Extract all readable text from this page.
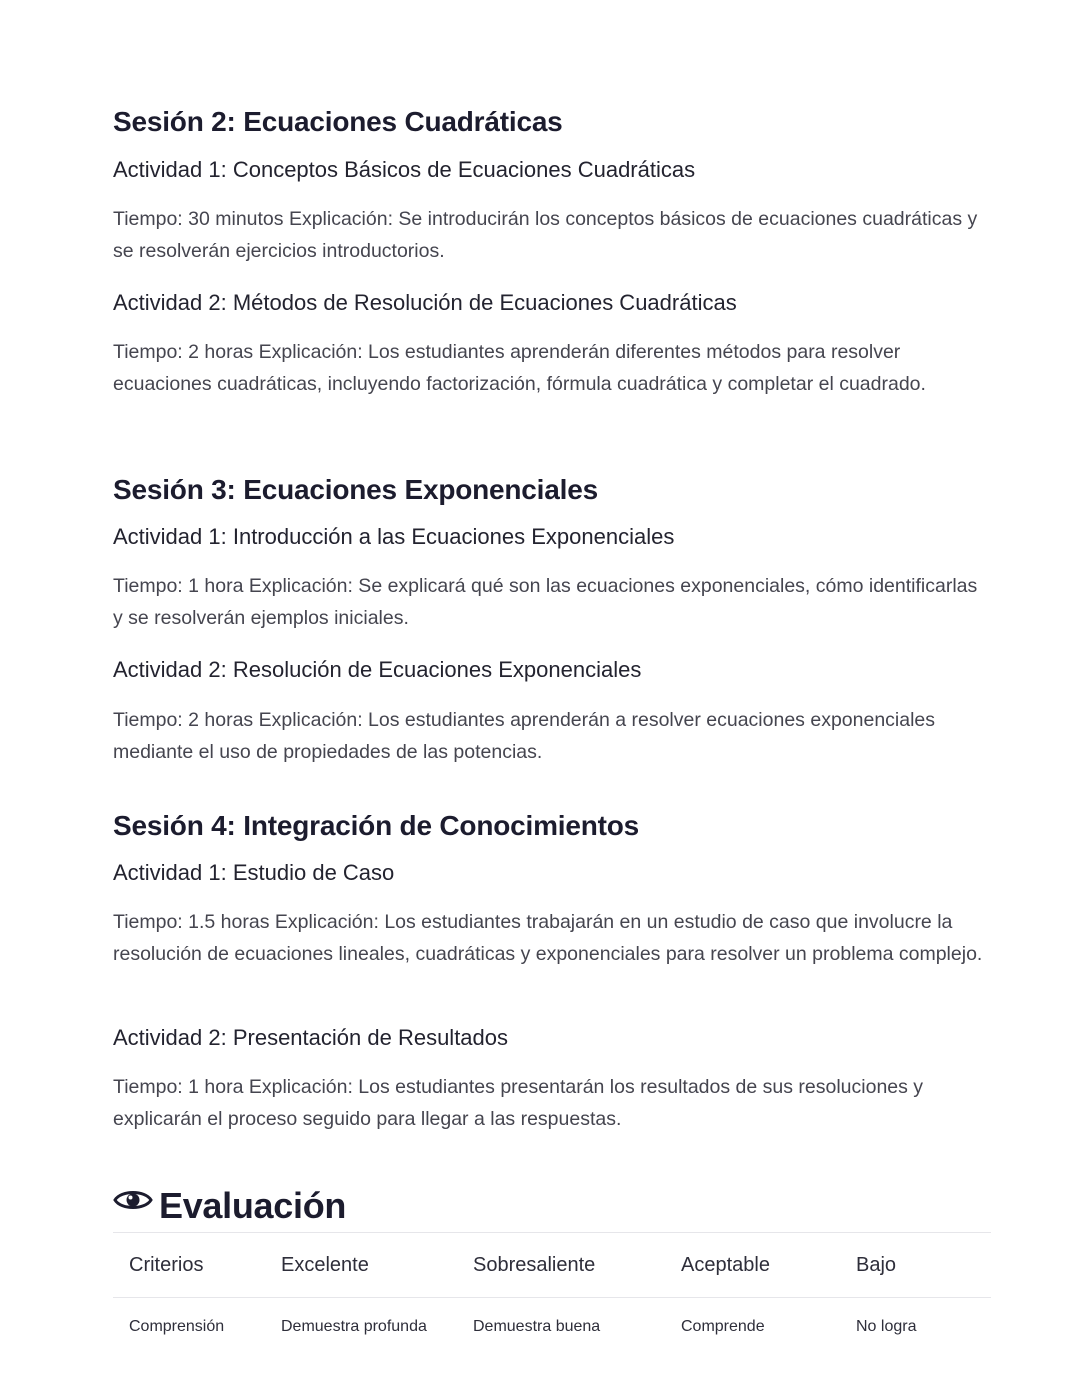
Sesión 2: Ecuaciones Cuadráticas
Actividad 1: Conceptos Básicos de Ecuaciones Cuadráticas

Tiempo: 30 minutos Explicación: Se introducirán los conceptos básicos de ecuaciones cuadráticas y se resolverán ejercicios introductorios.

Actividad 2: Métodos de Resolución de Ecuaciones Cuadráticas

Tiempo: 2 horas Explicación: Los estudiantes aprenderán diferentes métodos para resolver ecuaciones cuadráticas, incluyendo factorización, fórmula cuadrática y completar el cuadrado.

Sesión 3: Ecuaciones Exponenciales
Actividad 1: Introducción a las Ecuaciones Exponenciales

Tiempo: 1 hora Explicación: Se explicará qué son las ecuaciones exponenciales, cómo identificarlas y se resolverán ejemplos iniciales.

Actividad 2: Resolución de Ecuaciones Exponenciales

Tiempo: 2 horas Explicación: Los estudiantes aprenderán a resolver ecuaciones exponenciales mediante el uso de propiedades de las potencias.

Sesión 4: Integración de Conocimientos
Actividad 1: Estudio de Caso

Tiempo: 1.5 horas Explicación: Los estudiantes trabajarán en un estudio de caso que involucre la resolución de ecuaciones lineales, cuadráticas y exponenciales para resolver un problema complejo.

Actividad 2: Presentación de Resultados

Tiempo: 1 hora Explicación: Los estudiantes presentarán los resultados de sus resoluciones y explicarán el proceso seguido para llegar a las respuestas.

Evaluación
Criterios	Excelente	Sobresaliente	Aceptable	Bajo
Comprensión	Demuestra profunda	Demuestra buena	Comprende	No logra
